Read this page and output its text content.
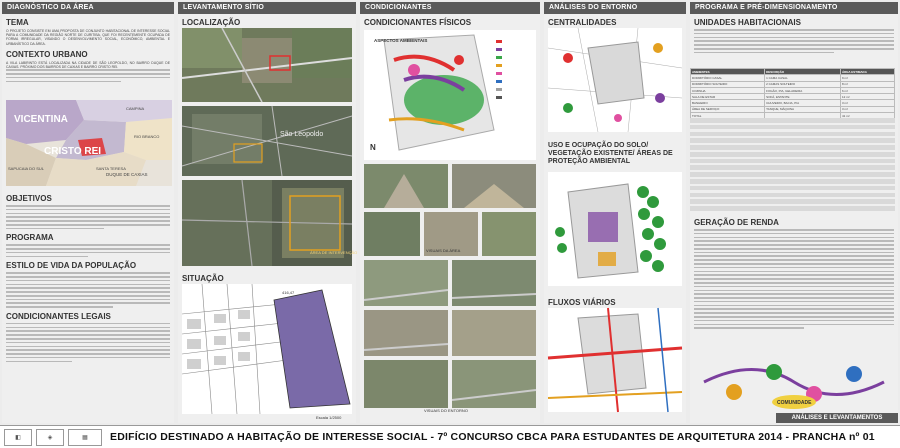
DIAGNÓSTICO DA ÁREA
TEMA
O PROJETO CONSISTE EM UMA PROPOSTA DE CONJUNTO HABITACIONAL DE INTERESSE SOCIAL PARA A COMUNIDADE DA REGIÃO NORTE DE CURITIBA, QUE FOI RECENTEMENTE OCUPADA DE FORMA IRREGULAR, VISANDO O DESENVOLVIMENTO SOCIAL, ECONÔMICO, AMBIENTAL E URBANÍSTICO DA ÁREA.
CONTEXTO URBANO
A VILA LABIRINTO ESTÁ LOCALIZADA NA CIDADE DE SÃO LEOPOLDO, NO BAIRRO DUQUE DE CAXIAS. PRÓXIMO DOS BAIRROS DE CAXIAS E BAIRRO CRISTO REI.
VICENTINA
CRISTO REI
DUQUE DE CAXIAS
SAPUCAIA DO SUL
CAMPINA
RIO BRANCO
SANTA TERESA
OBJETIVOS
PROGRAMA
ESTILO DE VIDA DA POPULAÇÃO
CONDICIONANTES LEGAIS
LEVANTAMENTO SÍTIO
LOCALIZAÇÃO
São Leopoldo
ÁREA DE INTERVENÇÃO
SITUAÇÃO
416,47
Escala 1/2500
CONDICIONANTES
CONDICIONANTES FÍSICOS
N
ASPECTOS AMBIENTAIS
VISUAIS DA ÁREA
VISUAIS DO ENTORNO
ANÁLISES DO ENTORNO
CENTRALIDADES
USO E OCUPAÇÃO DO SOLO/ VEGETAÇÃO EXISTENTE/ ÁREAS DE PROTEÇÃO AMBIENTAL
FLUXOS VIÁRIOS
PROGRAMA E PRÉ-DIMENSIONAMENTO
UNIDADES HABITACIONAIS
AMBIENTES	DESCRIÇÃO	ÁREA ESTIMADA
DORMITÓRIO CASAL	1 CAMA CASAL	9 m²
DORMITÓRIO SOLTEIRO	2 CAMAS SOLTEIRO	8 m²
COZINHA	FOGÃO, PIA, GELADEIRA	6 m²
SALA DE ESTAR	SOFÁ, ESTANTE	12 m²
BANHEIRO	CHUVEIRO, BACIA, PIA	3 m²
ÁREA DE SERVIÇO	TANQUE, MÁQUINA	3 m²
TOTAL		41 m²
GERAÇÃO DE RENDA
COMUNIDADE
ANÁLISES E LEVANTAMENTOS
◧	◈	▦	EDIFÍCIO DESTINADO A HABITAÇÃO DE INTERESSE SOCIAL - 7º CONCURSO CBCA PARA ESTUDANTES DE ARQUITETURA 2014 - PRANCHA nº 01
